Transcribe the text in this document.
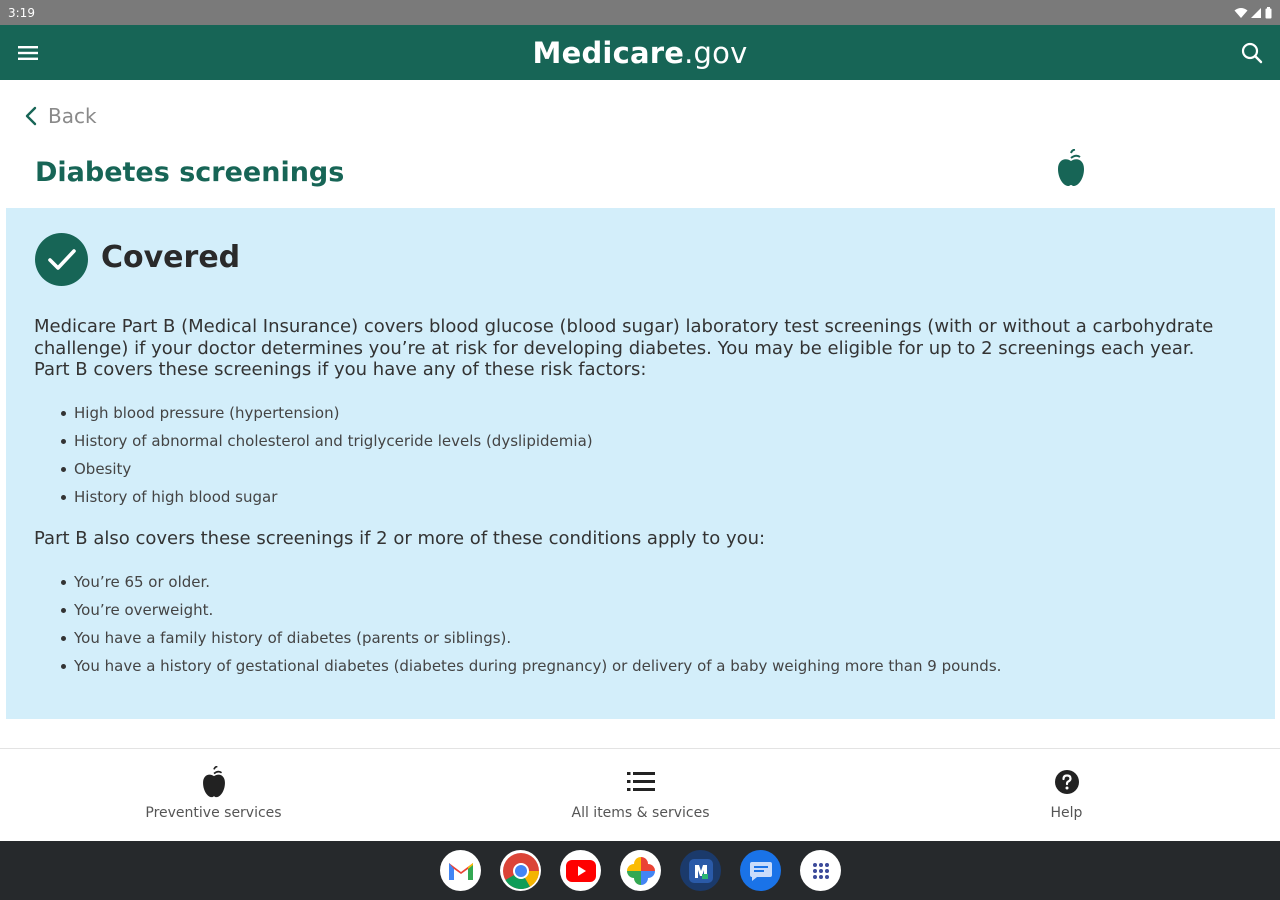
3:19
Medicare.gov
Back
Diabetes screenings
Covered

Medicare Part B (Medical Insurance) covers blood glucose (blood sugar) laboratory test screenings (with or without a carbohydrate challenge) if your doctor determines you’re at risk for developing diabetes. You may be eligible for up to 2 screenings each year. Part B covers these screenings if you have any of these risk factors:

High blood pressure (hypertension)
History of abnormal cholesterol and triglyceride levels (dyslipidemia)
Obesity
History of high blood sugar

Part B also covers these screenings if 2 or more of these conditions apply to you:

You’re 65 or older.
You’re overweight.
You have a family history of diabetes (parents or siblings).
You have a history of gestational diabetes (diabetes during pregnancy) or delivery of a baby weighing more than 9 pounds.
Preventive services	All items & services	Help
